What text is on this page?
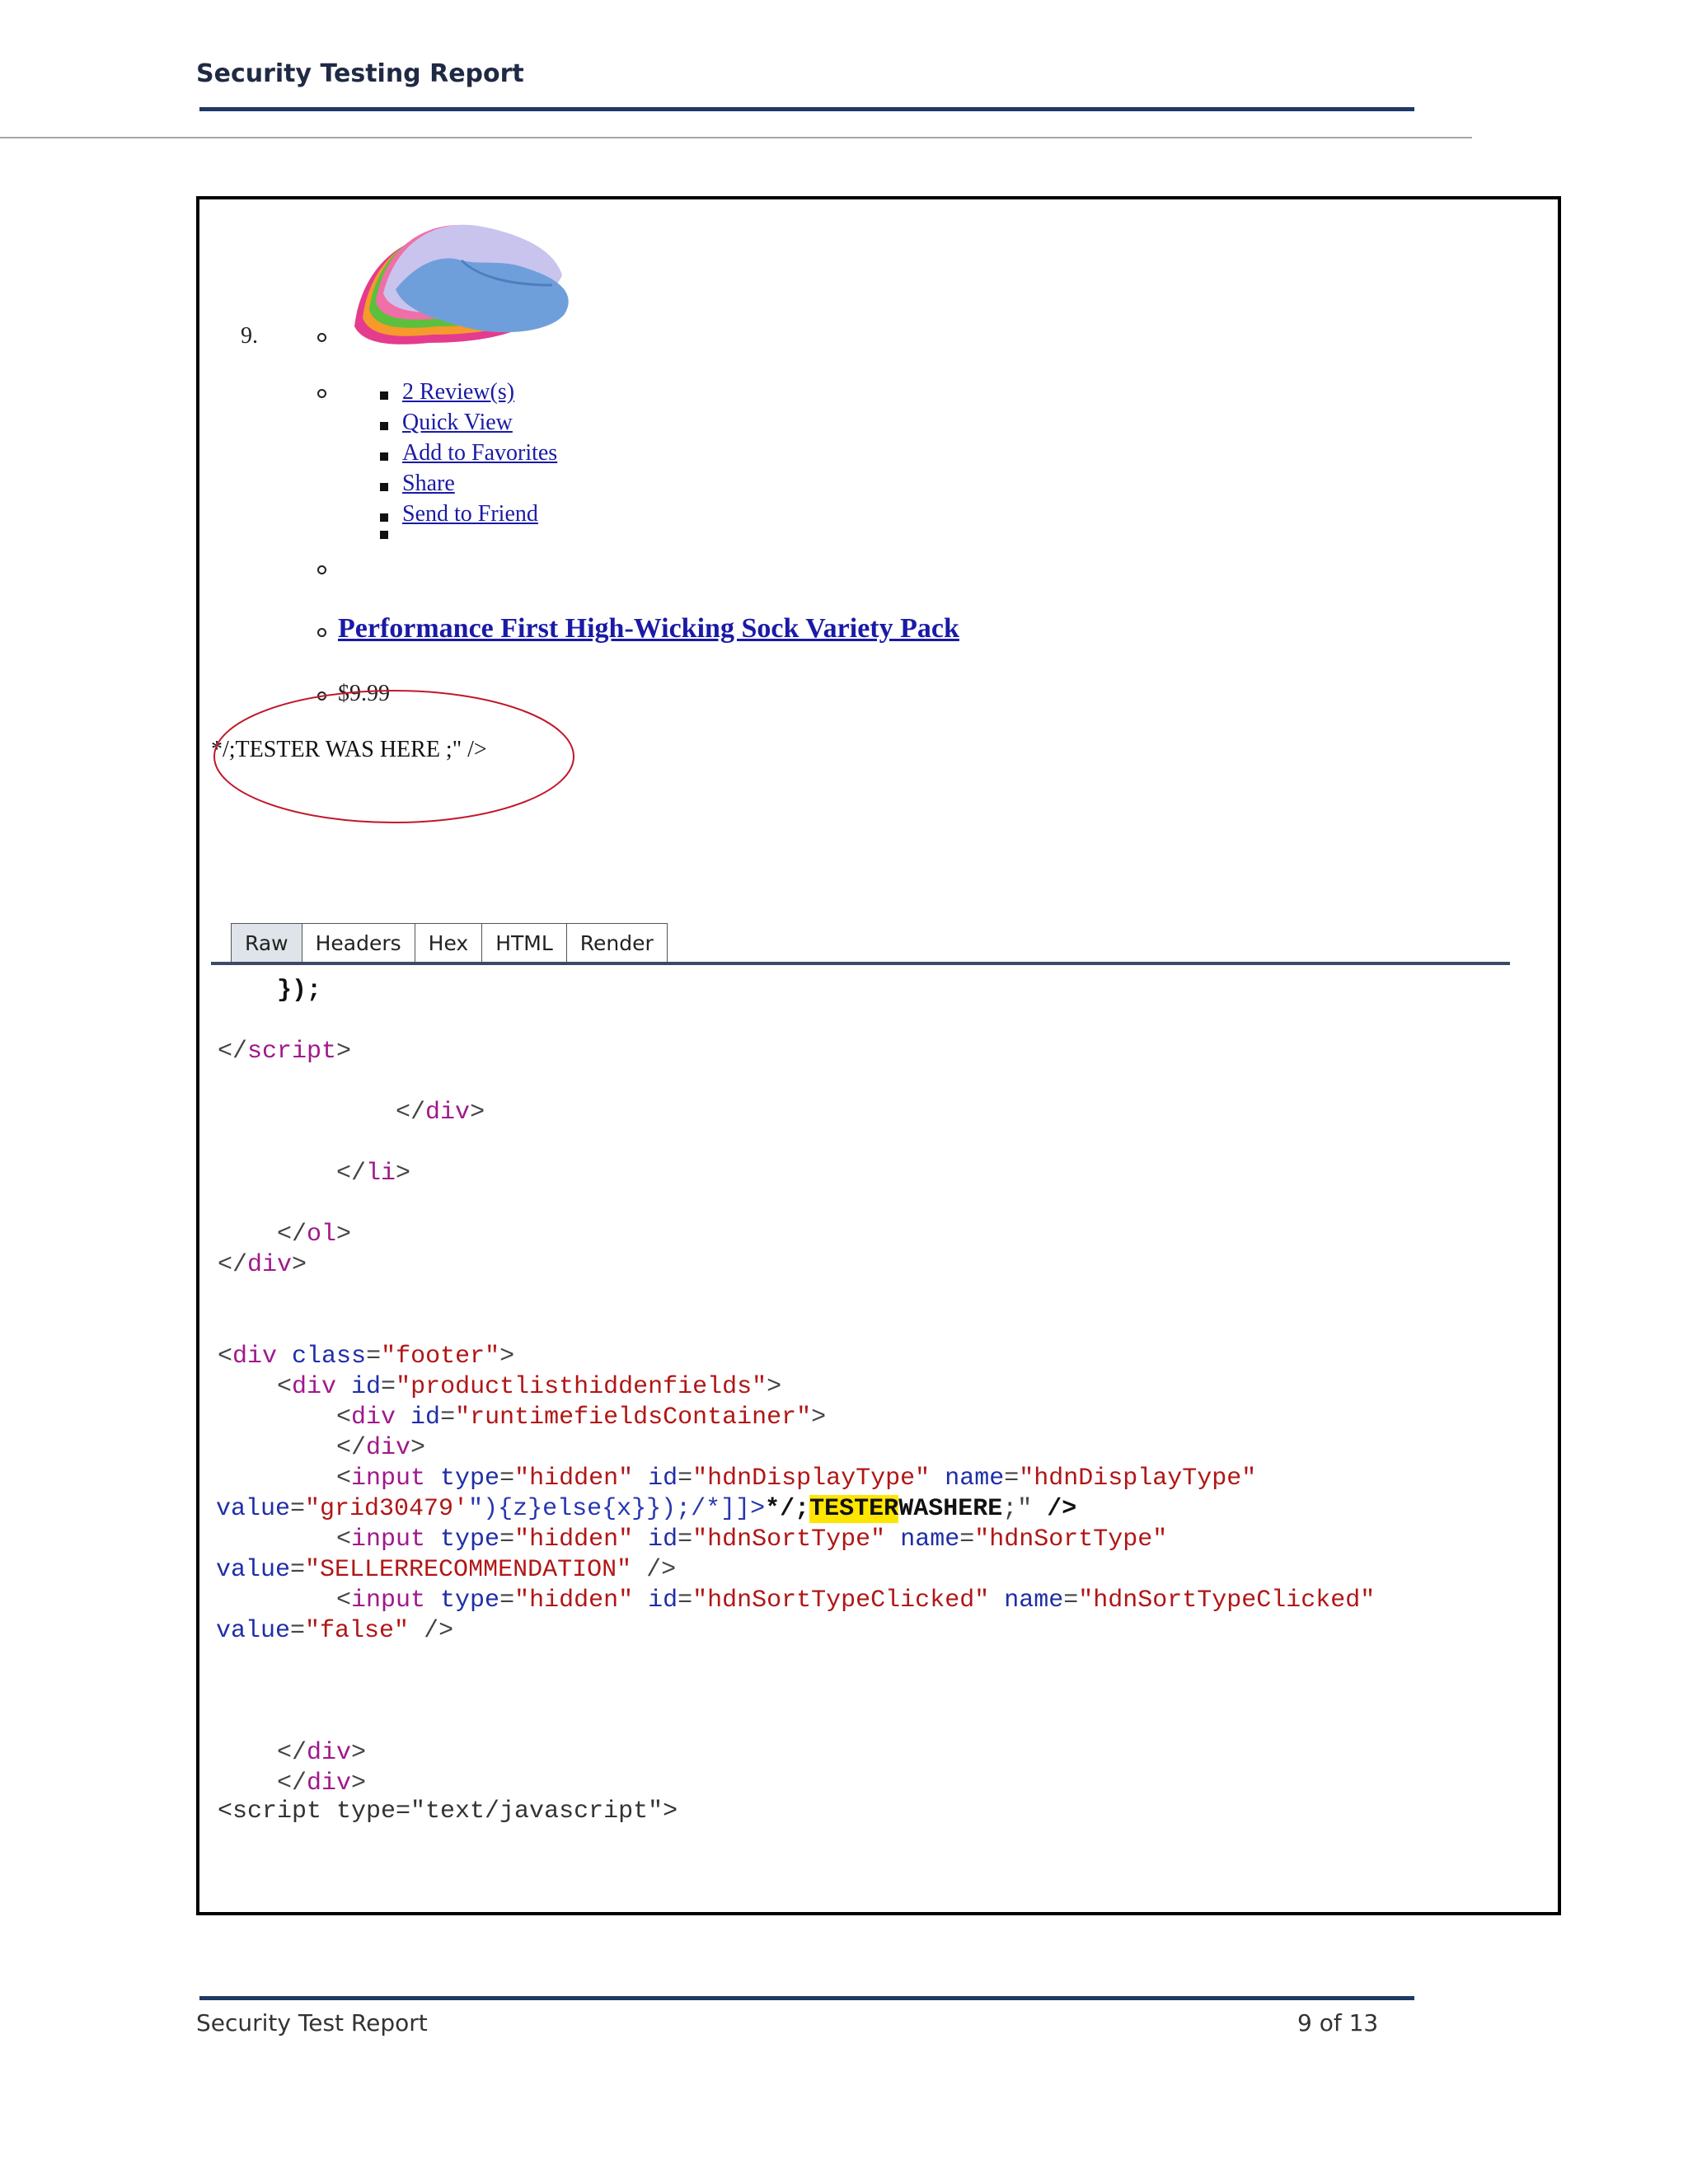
Security Testing Report
9.
2 Review(s)
Quick View
Add to Favorites
Share
Send to Friend
Performance First High-Wicking Sock Variety Pack
$9.99
*/;TESTER WAS HERE ;" />
Raw	Headers	Hex	HTML	Render
});
</script>
</div>
</li>
</ol>
</div>
<div class="footer">
<div id="productlisthiddenfields">
<div id="runtimefieldsContainer">
</div>
<input type="hidden" id="hdnDisplayType" name="hdnDisplayType"
value="grid30479'"){z}else{x}});/*]]>*/;TESTERWASHERE;" />
<input type="hidden" id="hdnSortType" name="hdnSortType"
value="SELLERRECOMMENDATION" />
<input type="hidden" id="hdnSortTypeClicked" name="hdnSortTypeClicked"
value="false" />
</div>
</div>
<script type="text/javascript">
Security Test Report	9 of 13
